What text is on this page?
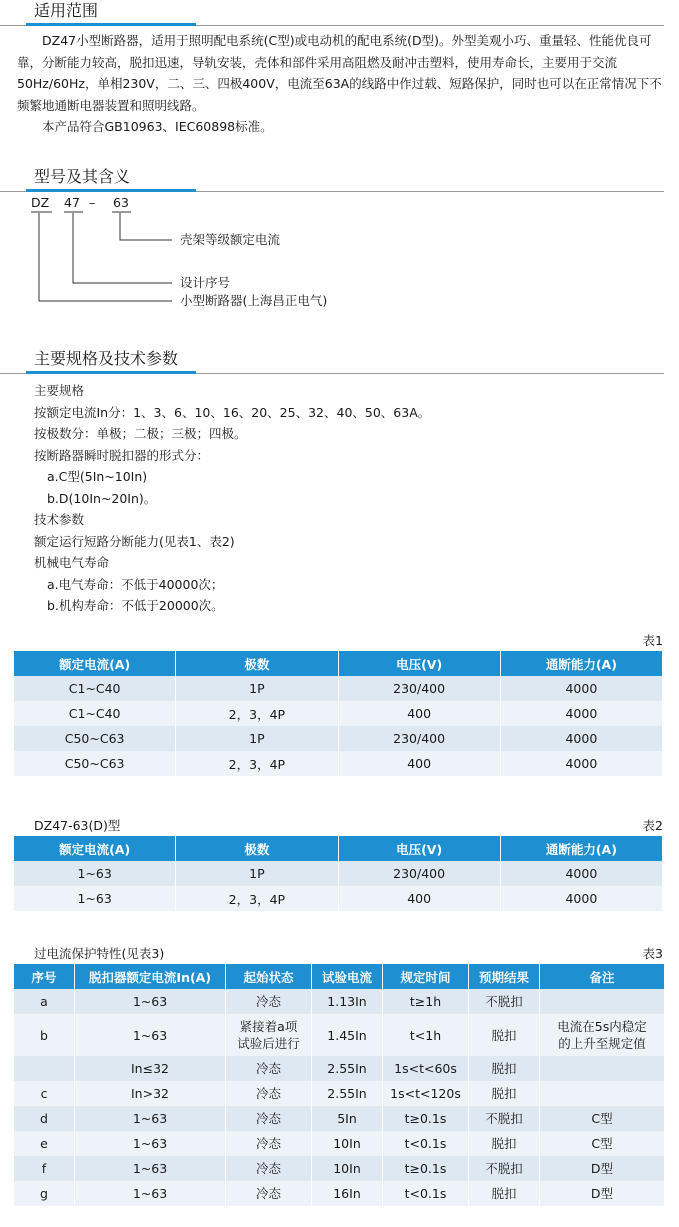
适用范围

DZ47小型断路器，适用于照明配电系统(C型)或电动机的配电系统(D型)。外型美观小巧、重量轻、性能优良可靠，分断能力较高，脱扣迅速，导轨安装，壳体和部件采用高阻燃及耐冲击塑料，使用寿命长，主要用于交流50Hz/60Hz，单相230V，二、三、四极400V，电流至63A的线路中作过载、短路保护，同时也可以在正常情况下不频繁地通断电器装置和照明线路。

本产品符合GB10963、IEC60898标准。

型号及其含义
DZ 47 – 63
壳架等级额定电流
设计序号
小型断路器(上海昌正电气)
主要规格及技术参数
主要规格
按额定电流In分：1、3、6、10、16、20、25、32、40、50、63A。
按极数分：单极；二极；三极；四极。
按断路器瞬时脱扣器的形式分：
a.C型(5In~10In)
b.D(10In~20In)。
技术参数
额定运行短路分断能力(见表1、表2)
机械电气寿命
a.电气寿命：不低于40000次；
b.机构寿命：不低于20000次。
表1
额定电流(A)	极数	电压(V)	通断能力(A)
C1~C40	1P	230/400	4000
C1~C40	2，3，4P	400	4000
C50~C63	1P	230/400	4000
C50~C63	2，3，4P	400	4000
DZ47-63(D)型	表2
额定电流(A)	极数	电压(V)	通断能力(A)
1~63	1P	230/400	4000
1~63	2，3，4P	400	4000
过电流保护特性(见表3)	表3
序号	脱扣器额定电流In(A)	起始状态	试验电流	规定时间	预期结果	备注
a	1~63	冷态	1.13In	t≥1h	不脱扣	
b	1~63	紧接着a项
试验后进行	1.45In	t<1h	脱扣	电流在5s内稳定
的上升至规定值
	In≤32	冷态	2.55In	1s<t<60s	脱扣	
c	In>32	冷态	2.55In	1s<t<120s	脱扣	
d	1~63	冷态	5In	t≥0.1s	不脱扣	C型
e	1~63	冷态	10In	t<0.1s	脱扣	C型
f	1~63	冷态	10In	t≥0.1s	不脱扣	D型
g	1~63	冷态	16In	t<0.1s	脱扣	D型
